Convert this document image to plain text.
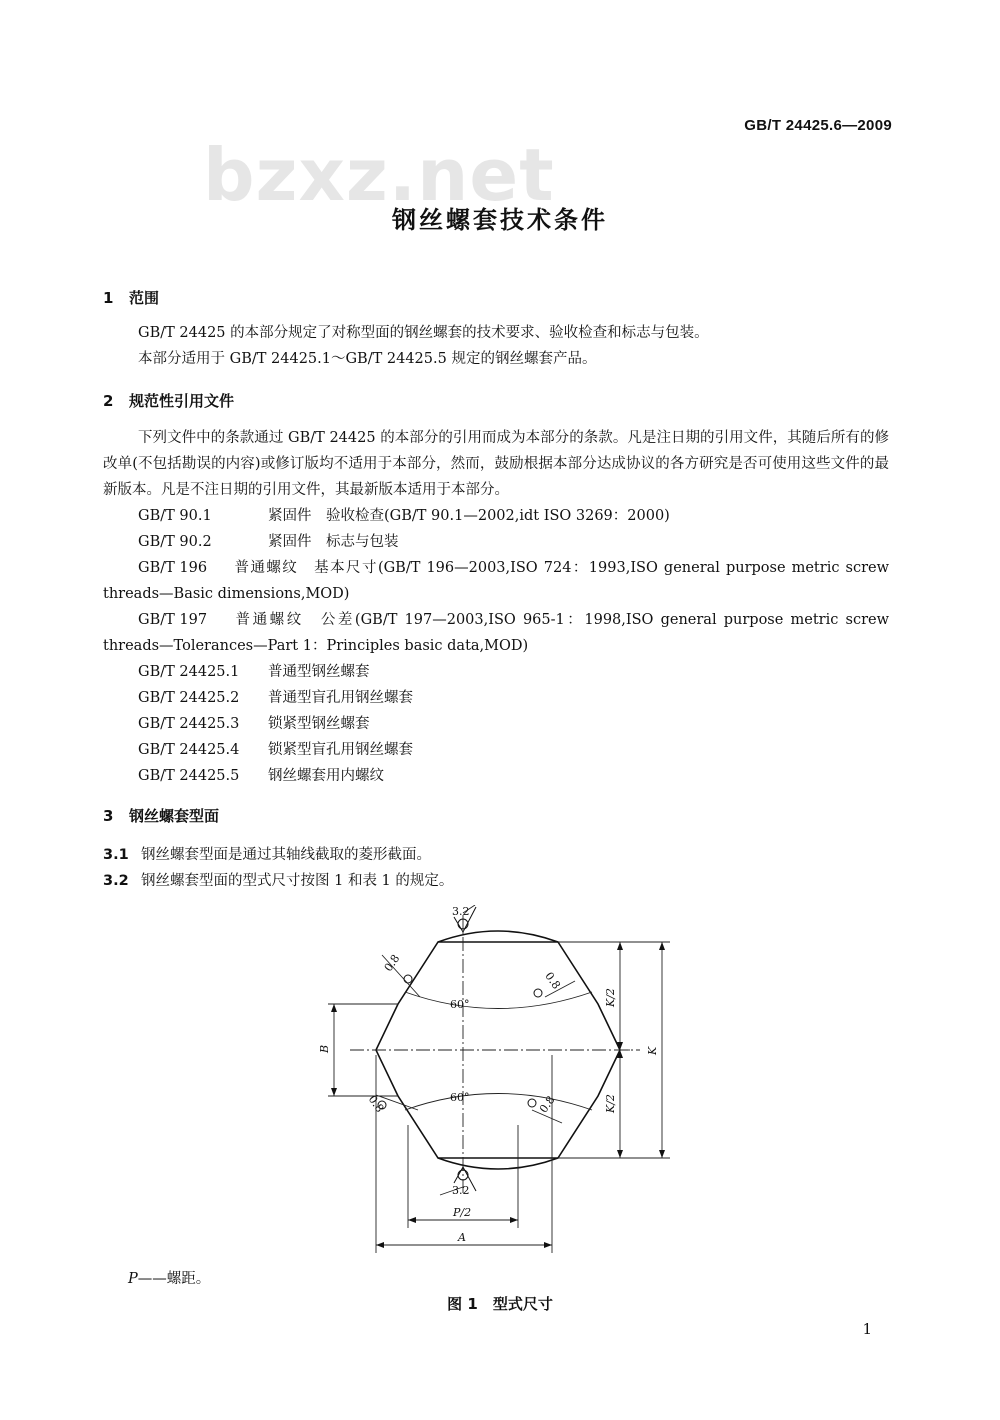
bzxz.net
GB/T 24425.6—2009
钢丝螺套技术条件
1 范围
GB/T 24425 的本部分规定了对称型面的钢丝螺套的技术要求、验收检查和标志与包装。
本部分适用于 GB/T 24425.1～GB/T 24425.5 规定的钢丝螺套产品。
2 规范性引用文件
下列文件中的条款通过 GB/T 24425 的本部分的引用而成为本部分的条款。凡是注日期的引用文件，其随后所有的修改单(不包括勘误的内容)或修订版均不适用于本部分，然而，鼓励根据本部分达成协议的各方研究是否可使用这些文件的最新版本。凡是不注日期的引用文件，其最新版本适用于本部分。
GB/T 90.1	紧固件　验收检查(GB/T 90.1—2002,idt ISO 3269：2000)
GB/T 90.2	紧固件　标志与包装
GB/T 196 普通螺纹　基本尺寸(GB/T 196—2003,ISO 724：1993,ISO general purpose metric screw threads—Basic dimensions,MOD)
GB/T 197 普通螺纹　公差(GB/T 197—2003,ISO 965-1：1998,ISO general purpose metric screw threads—Tolerances—Part 1：Principles basic data,MOD)
GB/T 24425.1 普通型钢丝螺套
GB/T 24425.2 普通型盲孔用钢丝螺套
GB/T 24425.3 锁紧型钢丝螺套
GB/T 24425.4 锁紧型盲孔用钢丝螺套
GB/T 24425.5 钢丝螺套用内螺纹
3 钢丝螺套型面
3.1 钢丝螺套型面是通过其轴线截取的菱形截面。
3.2 钢丝螺套型面的型式尺寸按图 1 和表 1 的规定。
3.2
3.2
0.8
0.8
0.8	0.8
60°
60°
B
K/2
K/2
K
P/2
A
P——螺距。
图 1　型式尺寸
1
